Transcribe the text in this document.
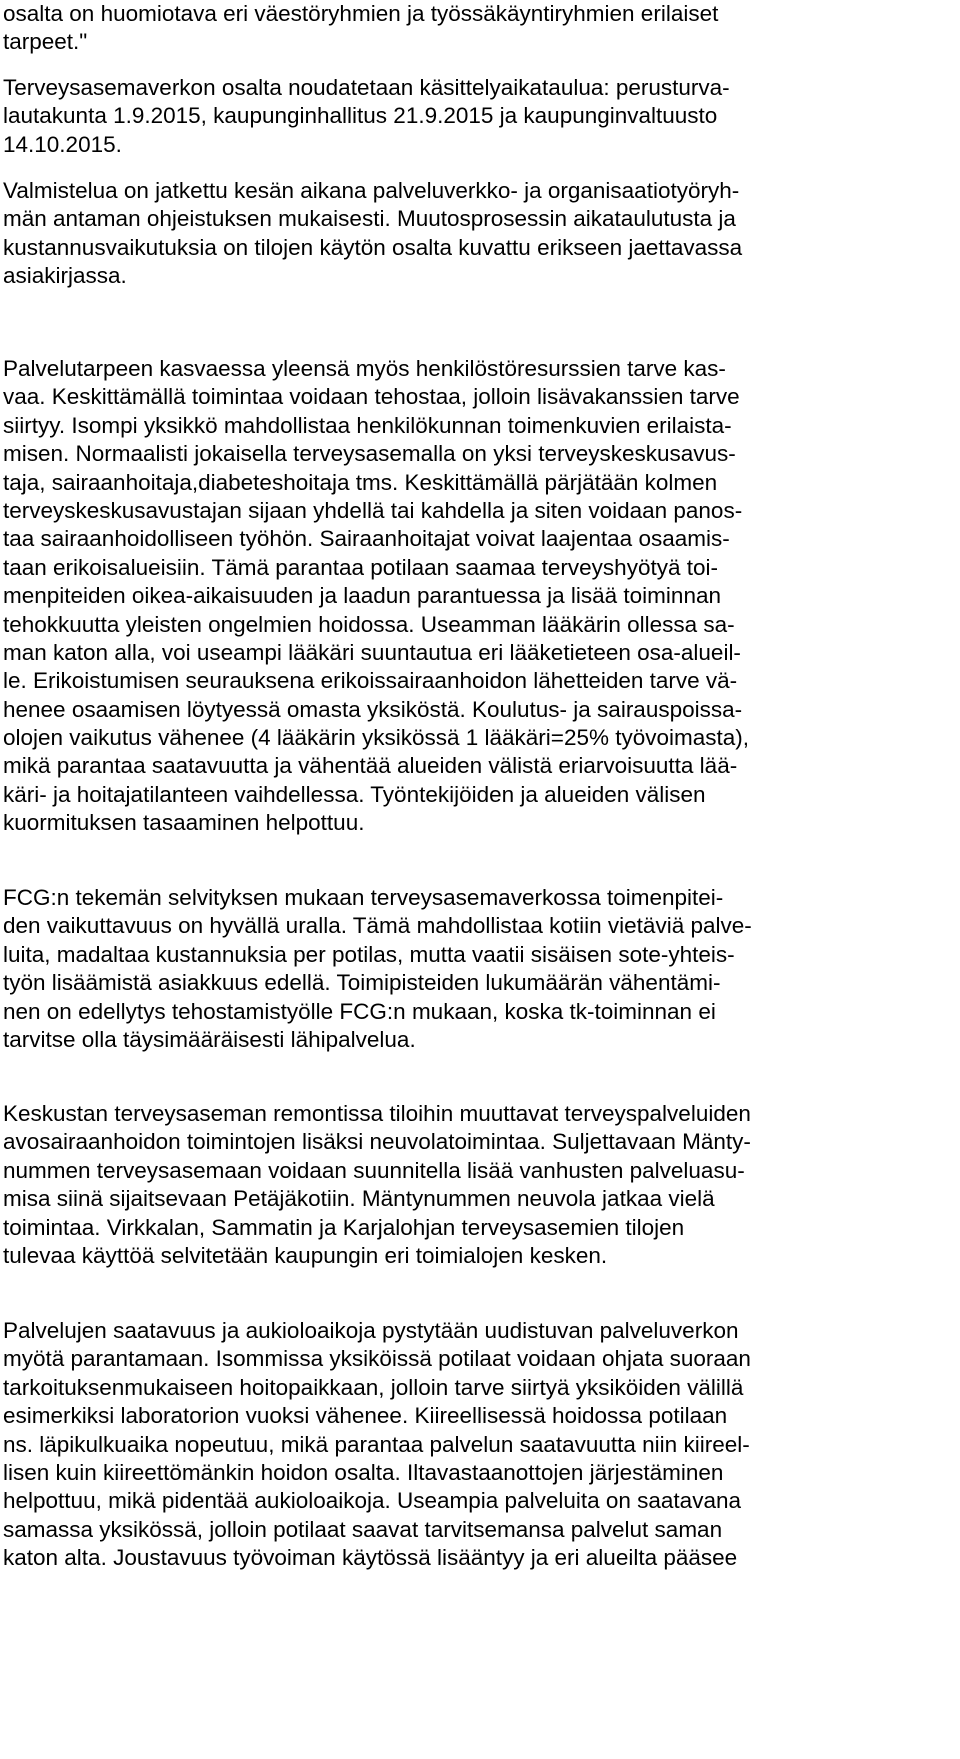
osalta on huomiotava eri väestöryhmien ja työssäkäyntiryhmien erilaiset
tarpeet."
Terveysasemaverkon osalta noudatetaan käsittelyaikataulua: perusturva-
lautakunta 1.9.2015, kaupunginhallitus 21.9.2015 ja kaupunginvaltuusto
14.10.2015.
Valmistelua on jatkettu kesän aikana palveluverkko- ja organisaatiotyöryh-
män antaman ohjeistuksen mukaisesti. Muutosprosessin aikataulutusta ja
kustannusvaikutuksia on tilojen käytön osalta kuvattu erikseen jaettavassa
asiakirjassa.
Palvelutarpeen kasvaessa yleensä myös henkilöstöresurssien tarve kas-
vaa. Keskittämällä toimintaa voidaan tehostaa, jolloin lisävakanssien tarve
siirtyy. Isompi yksikkö mahdollistaa henkilökunnan toimenkuvien erilaista-
misen. Normaalisti jokaisella terveysasemalla on yksi terveyskeskusavus-
taja, sairaanhoitaja,diabeteshoitaja tms. Keskittämällä pärjätään kolmen
terveyskeskusavustajan sijaan yhdellä tai kahdella ja siten voidaan panos-
taa sairaanhoidolliseen työhön. Sairaanhoitajat voivat laajentaa osaamis-
taan erikoisalueisiin. Tämä parantaa potilaan saamaa terveyshyötyä toi-
menpiteiden oikea-aikaisuuden ja laadun parantuessa ja lisää toiminnan
tehokkuutta yleisten ongelmien hoidossa. Useamman lääkärin ollessa sa-
man katon alla, voi useampi lääkäri suuntautua eri lääketieteen osa-alueil-
le. Erikoistumisen seurauksena erikoissairaanhoidon lähetteiden tarve vä-
henee osaamisen löytyessä omasta yksiköstä. Koulutus- ja sairauspoissa-
olojen vaikutus vähenee (4 lääkärin yksikössä 1 lääkäri=25% työvoimasta),
mikä parantaa saatavuutta ja vähentää alueiden välistä eriarvoisuutta lää-
käri- ja hoitajatilanteen vaihdellessa. Työntekijöiden ja alueiden välisen
kuormituksen tasaaminen helpottuu.
FCG:n tekemän selvityksen mukaan terveysasemaverkossa toimenpitei-
den vaikuttavuus on hyvällä uralla. Tämä mahdollistaa kotiin vietäviä palve-
luita, madaltaa kustannuksia per potilas, mutta vaatii sisäisen sote-yhteis-
työn lisäämistä asiakkuus edellä. Toimipisteiden lukumäärän vähentämi-
nen on edellytys tehostamistyölle FCG:n mukaan, koska tk-toiminnan ei
tarvitse olla täysimääräisesti lähipalvelua.
Keskustan terveysaseman remontissa tiloihin muuttavat terveyspalveluiden
avosairaanhoidon toimintojen lisäksi neuvolatoimintaa. Suljettavaan Mänty-
nummen terveysasemaan voidaan suunnitella lisää vanhusten palveluasu-
misa siinä sijaitsevaan Petäjäkotiin. Mäntynummen neuvola jatkaa vielä
toimintaa. Virkkalan, Sammatin ja Karjalohjan terveysasemien tilojen
tulevaa käyttöä selvitetään kaupungin eri toimialojen kesken.
Palvelujen saatavuus ja aukioloaikoja pystytään uudistuvan palveluverkon
myötä parantamaan. Isommissa yksiköissä potilaat voidaan ohjata suoraan
tarkoituksenmukaiseen hoitopaikkaan, jolloin tarve siirtyä yksiköiden välillä
esimerkiksi laboratorion vuoksi vähenee. Kiireellisessä hoidossa potilaan
ns. läpikulkuaika nopeutuu, mikä parantaa palvelun saatavuutta niin kiireel-
lisen kuin kiireettömänkin hoidon osalta. Iltavastaanottojen järjestäminen
helpottuu, mikä pidentää aukioloaikoja. Useampia palveluita on saatavana
samassa yksikössä, jolloin potilaat saavat tarvitsemansa palvelut saman
katon alta. Joustavuus työvoiman käytössä lisääntyy ja eri alueilta pääsee
